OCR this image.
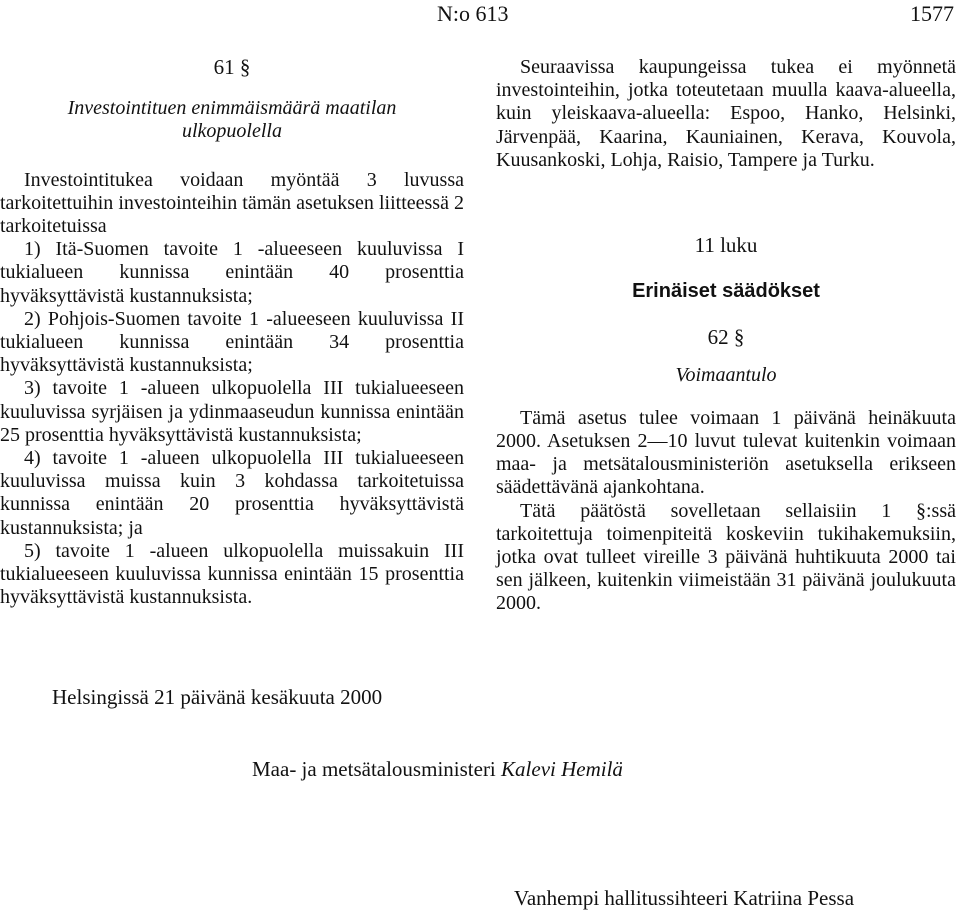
N:o 613	1577

61 §

Investointituen enimmäismäärä maatilan

ulkopuolella

Investointitukea voidaan myöntää 3 luvussa tarkoitettuihin investointeihin tämän asetuksen liitteessä 2 tarkoitetuissa

1) Itä-Suomen tavoite 1 -alueeseen kuuluvissa I tukialueen kunnissa enintään 40 prosenttia hyväksyttävistä kustannuksista;

2) Pohjois-Suomen tavoite 1 -alueeseen kuuluvissa II tukialueen kunnissa enintään 34 prosenttia hyväksyttävistä kustannuksista;

3) tavoite 1 -alueen ulkopuolella III tukialueeseen kuuluvissa syrjäisen ja ydinmaaseudun kunnissa enintään 25 prosenttia hyväksyttävistä kustannuksista;

4) tavoite 1 -alueen ulkopuolella III tukialueeseen kuuluvissa muissa kuin 3 kohdassa tarkoitetuissa kunnissa enintään 20 prosenttia hyväksyttävistä kustannuksista; ja

5) tavoite 1 -alueen ulkopuolella muissakuin III tukialueeseen kuuluvissa kunnissa enintään 15 prosenttia hyväksyttävistä kustannuksista.

Seuraavissa kaupungeissa tukea ei myönnetä investointeihin, jotka toteutetaan muulla kaava-alueella, kuin yleiskaava-alueella: Espoo, Hanko, Helsinki, Järvenpää, Kaarina, Kauniainen, Kerava, Kouvola, Kuusankoski, Lohja, Raisio, Tampere ja Turku.

11 luku

Erinäiset säädökset

62 §

Voimaantulo

Tämä asetus tulee voimaan 1 päivänä heinäkuuta 2000. Asetuksen 2—10 luvut tulevat kuitenkin voimaan maa- ja metsätalousministeriön asetuksella erikseen säädettävänä ajankohtana.

Tätä päätöstä sovelletaan sellaisiin 1 §:ssä tarkoitettuja toimenpiteitä koskeviin tukihakemuksiin, jotka ovat tulleet vireille 3 päivänä huhtikuuta 2000 tai sen jälkeen, kuitenkin viimeistään 31 päivänä joulukuuta 2000.

Helsingissä 21 päivänä kesäkuuta 2000
Maa- ja metsätalousministeri Kalevi Hemilä
Vanhempi hallitussihteeri Katriina Pessa
